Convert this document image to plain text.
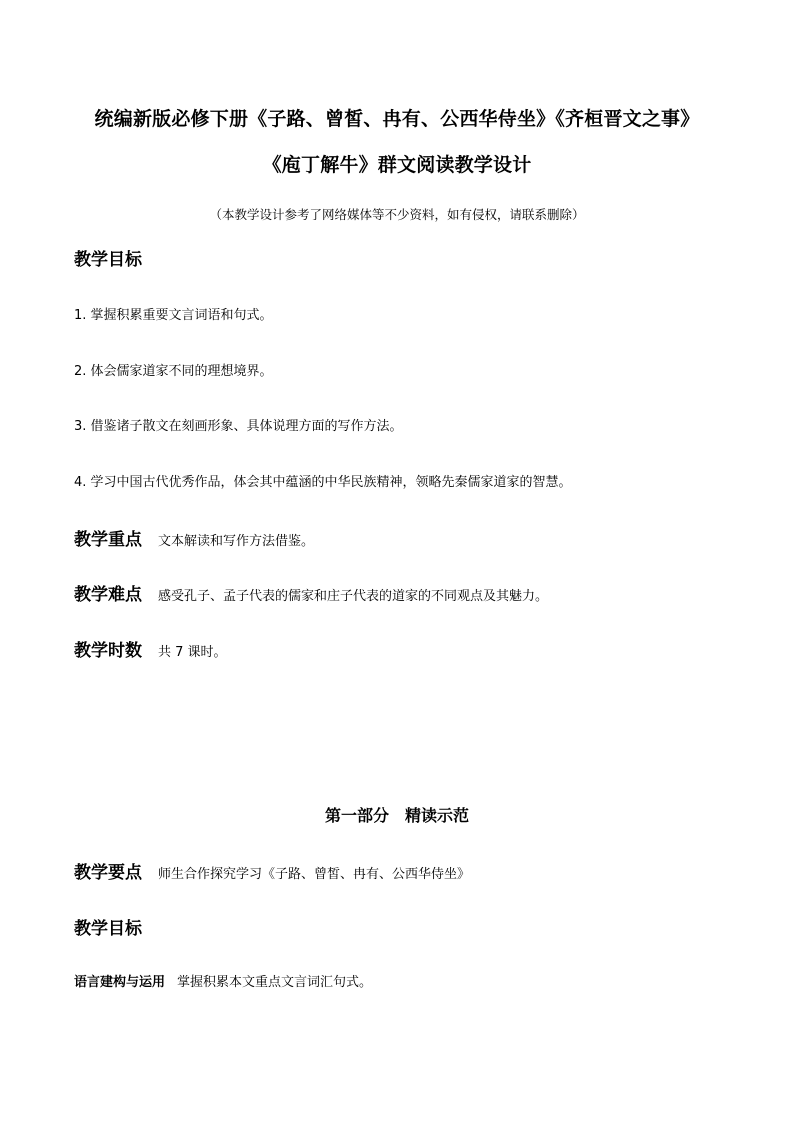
统编新版必修下册《子路、曾皙、冉有、公西华侍坐》《齐桓晋文之事》
《庖丁解牛》群文阅读教学设计
（本教学设计参考了网络媒体等不少资料，如有侵权，请联系删除）
教学目标
1. 掌握积累重要文言词语和句式。
2. 体会儒家道家不同的理想境界。
3. 借鉴诸子散文在刻画形象、具体说理方面的写作方法。
4. 学习中国古代优秀作品，体会其中蕴涵的中华民族精神，领略先秦儒家道家的智慧。
教学重点 文本解读和写作方法借鉴。
教学难点 感受孔子、孟子代表的儒家和庄子代表的道家的不同观点及其魅力。
教学时数 共 7 课时。
第一部分　精读示范
教学要点 师生合作探究学习《子路、曾皙、冉有、公西华侍坐》
教学目标
语言建构与运用 掌握积累本文重点文言词汇句式。
